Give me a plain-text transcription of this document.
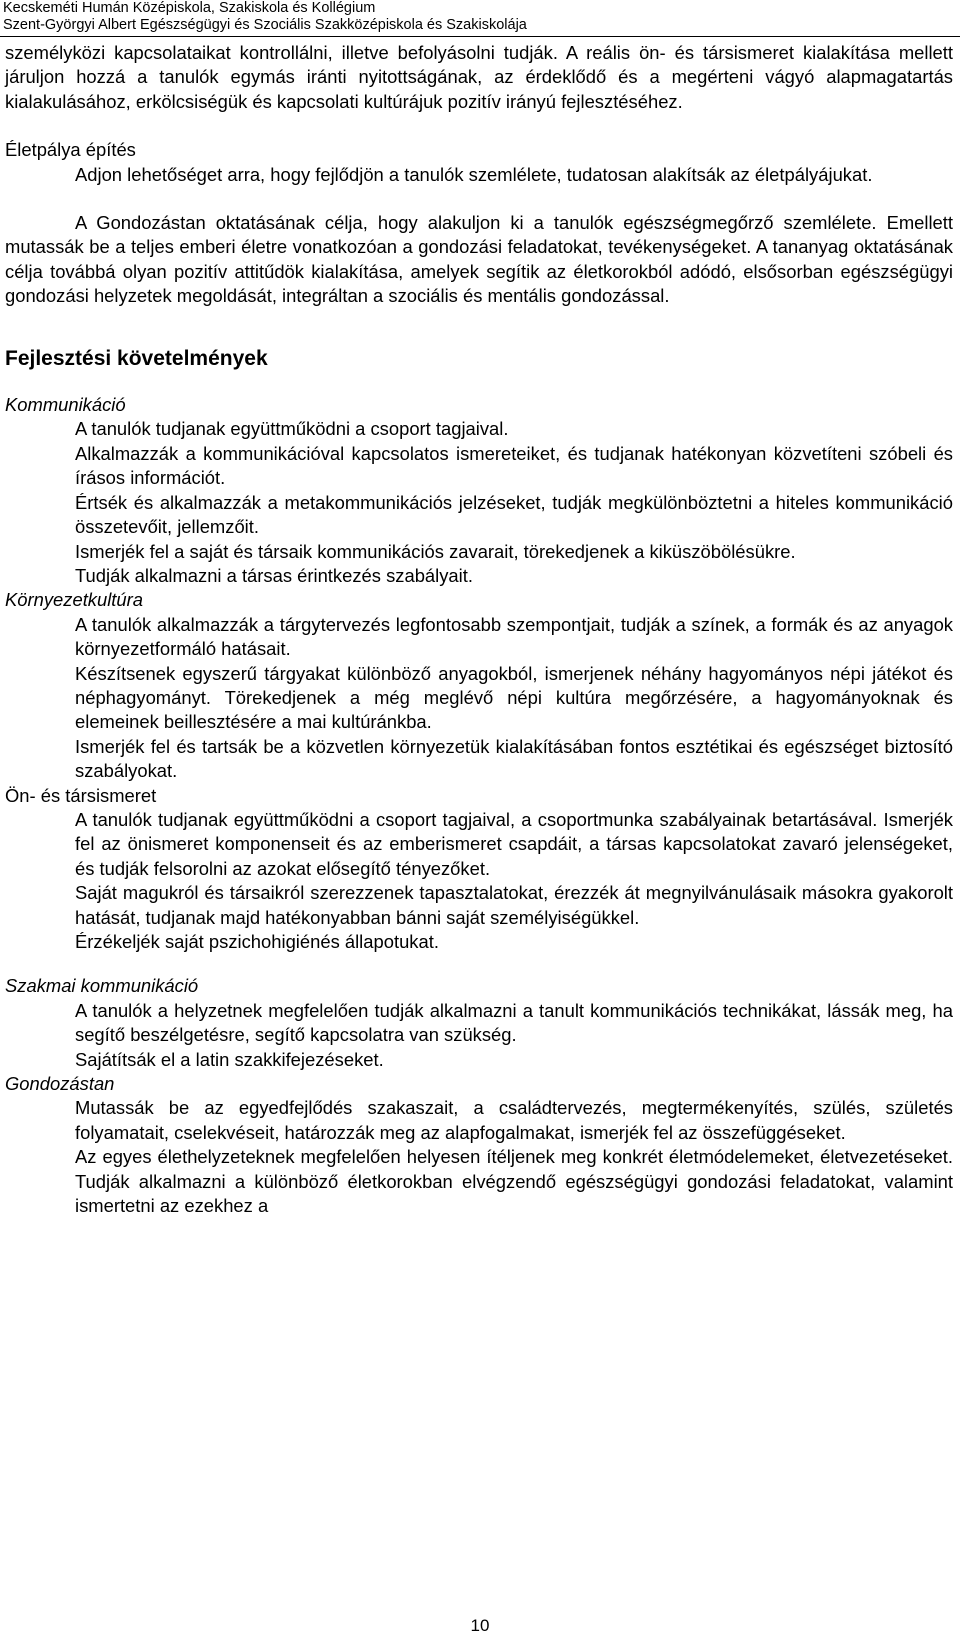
Kecskeméti Humán Középiskola, Szakiskola és Kollégium
Szent-Györgyi Albert Egészségügyi és Szociális Szakközépiskola és Szakiskolája

személyközi kapcsolataikat kontrollálni, illetve befolyásolni tudják. A reális ön- és társismeret kialakítása mellett járuljon hozzá a tanulók egymás iránti nyitottságának, az érdeklődő és a megérteni vágyó alapmagatartás kialakulásához, erkölcsiségük és kapcsolati kultúrájuk pozitív irányú fejlesztéséhez.

Életpálya építés

Adjon lehetőséget arra, hogy fejlődjön a tanulók szemlélete, tudatosan alakítsák az életpályájukat.

A Gondozástan oktatásának célja, hogy alakuljon ki a tanulók egészségmegőrző szemlélete. Emellett mutassák be a teljes emberi életre vonatkozóan a gondozási feladatokat, tevékenységeket. A tananyag oktatásának célja továbbá olyan pozitív attitűdök kialakítása, amelyek segítik az életkorokból adódó, elsősorban egészségügyi gondozási helyzetek megoldását, integráltan a szociális és mentális gondozással.

Fejlesztési követelmények

Kommunikáció

A tanulók tudjanak együttműködni a csoport tagjaival.

Alkalmazzák a kommunikációval kapcsolatos ismereteiket, és tudjanak hatékonyan közvetíteni szóbeli és írásos információt.

Értsék és alkalmazzák a metakommunikációs jelzéseket, tudják megkülönböztetni a hiteles kommunikáció összetevőit, jellemzőit.

Ismerjék fel a saját és társaik kommunikációs zavarait, törekedjenek a kiküszöbölésükre.

Tudják alkalmazni a társas érintkezés szabályait.

Környezetkultúra

A tanulók alkalmazzák a tárgytervezés legfontosabb szempontjait, tudják a színek, a formák és az anyagok környezetformáló hatásait.

Készítsenek egyszerű tárgyakat különböző anyagokból, ismerjenek néhány hagyományos népi játékot és néphagyományt. Törekedjenek a még meglévő népi kultúra megőrzésére, a hagyományoknak és elemeinek beillesztésére a mai kultúránkba.

Ismerjék fel és tartsák be a közvetlen környezetük kialakításában fontos esztétikai és egészséget biztosító szabályokat.

Ön- és társismeret

A tanulók tudjanak együttműködni a csoport tagjaival, a csoportmunka szabályainak betartásával. Ismerjék fel az önismeret komponenseit és az emberismeret csapdáit, a társas kapcsolatokat zavaró jelenségeket, és tudják felsorolni az azokat elősegítő tényezőket.

Saját magukról és társaikról szerezzenek tapasztalatokat, érezzék át megnyilvánulásaik másokra gyakorolt hatását, tudjanak majd hatékonyabban bánni saját személyiségükkel.

Érzékeljék saját pszichohigiénés állapotukat.

Szakmai kommunikáció

A tanulók a helyzetnek megfelelően tudják alkalmazni a tanult kommunikációs technikákat, lássák meg, ha segítő beszélgetésre, segítő kapcsolatra van szükség.

Sajátítsák el a latin szakkifejezéseket.

Gondozástan

Mutassák be az egyedfejlődés szakaszait, a családtervezés, megtermékenyítés, szülés, születés folyamatait, cselekvéseit, határozzák meg az alapfogalmakat, ismerjék fel az összefüggéseket.

Az egyes élethelyzeteknek megfelelően helyesen ítéljenek meg konkrét életmódelemeket, életvezetéseket. Tudják alkalmazni a különböző életkorokban elvégzendő egészségügyi gondozási feladatokat, valamint ismertetni az ezekhez a

10
